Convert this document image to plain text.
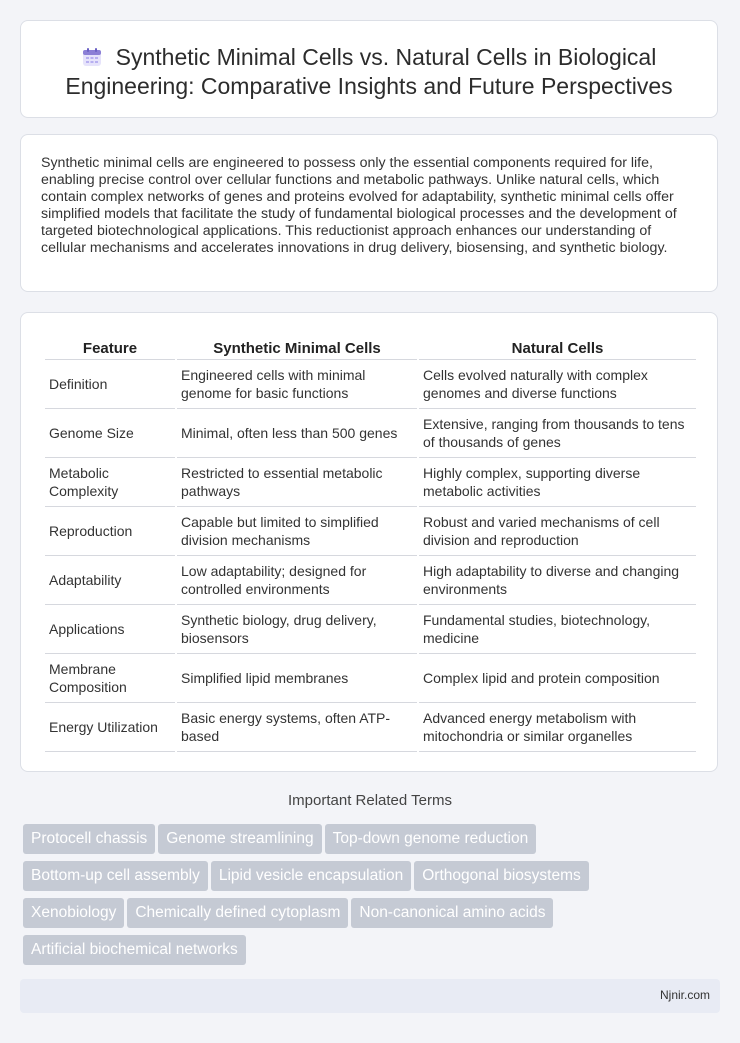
Synthetic Minimal Cells vs. Natural Cells in Biological Engineering: Comparative Insights and Future Perspectives

Synthetic minimal cells are engineered to possess only the essential components required for life, enabling precise control over cellular functions and metabolic pathways. Unlike natural cells, which contain complex networks of genes and proteins evolved for adaptability, synthetic minimal cells offer simplified models that facilitate the study of fundamental biological processes and the development of targeted biotechnological applications. This reductionist approach enhances our understanding of cellular mechanisms and accelerates innovations in drug delivery, biosensing, and synthetic biology.

Feature	Synthetic Minimal Cells	Natural Cells
Definition	Engineered cells with minimal genome for basic functions	Cells evolved naturally with complex genomes and diverse functions
Genome Size	Minimal, often less than 500 genes	Extensive, ranging from thousands to tens of thousands of genes
Metabolic Complexity	Restricted to essential metabolic pathways	Highly complex, supporting diverse metabolic activities
Reproduction	Capable but limited to simplified division mechanisms	Robust and varied mechanisms of cell division and reproduction
Adaptability	Low adaptability; designed for controlled environments	High adaptability to diverse and changing environments
Applications	Synthetic biology, drug delivery, biosensors	Fundamental studies, biotechnology, medicine
Membrane Composition	Simplified lipid membranes	Complex lipid and protein composition
Energy Utilization	Basic energy systems, often ATP-based	Advanced energy metabolism with mitochondria or similar organelles
Important Related Terms
Protocell chassis Genome streamlining Top-down genome reduction
Bottom-up cell assembly Lipid vesicle encapsulation Orthogonal biosystems
Xenobiology Chemically defined cytoplasm Non-canonical amino acids
Artificial biochemical networks
Njnir.com
